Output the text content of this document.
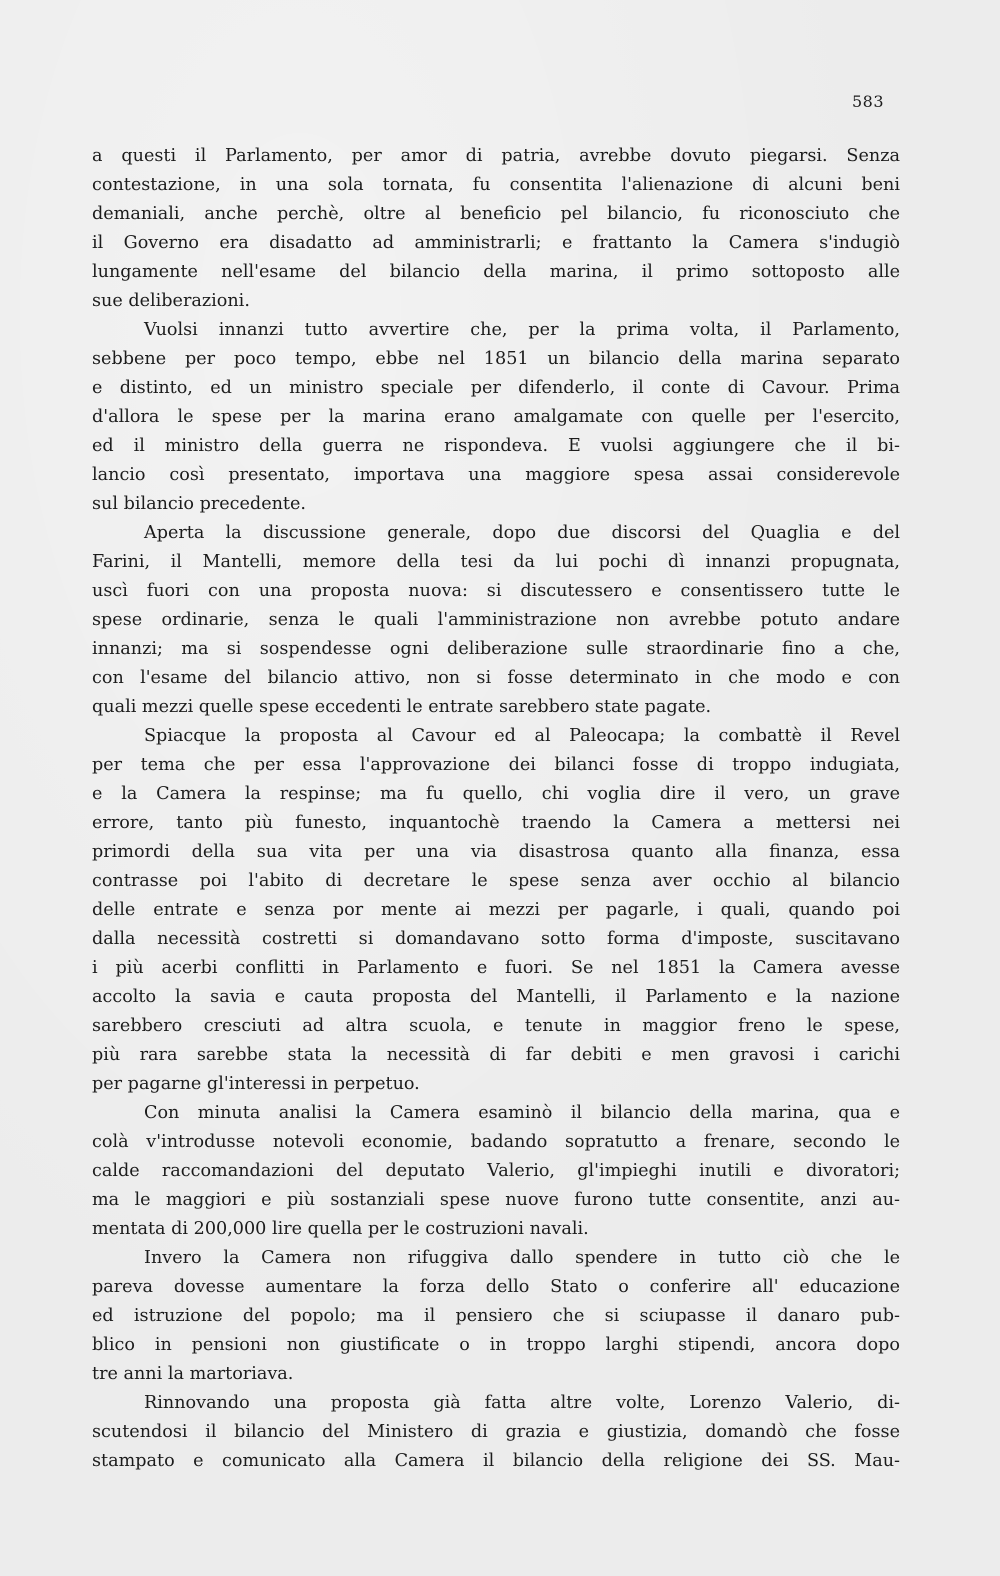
583
a questi il Parlamento, per amor di patria, avrebbe dovuto piegarsi. Senza
contestazione, in una sola tornata, fu consentita l'alienazione di alcuni beni
demaniali, anche perchè, oltre al beneficio pel bilancio, fu riconosciuto che
il Governo era disadatto ad amministrarli; e frattanto la Camera s'indugiò
lungamente nell'esame del bilancio della marina, il primo sottoposto alle
sue deliberazioni.
Vuolsi innanzi tutto avvertire che, per la prima volta, il Parlamento,
sebbene per poco tempo, ebbe nel 1851 un bilancio della marina separato
e distinto, ed un ministro speciale per difenderlo, il conte di Cavour. Prima
d'allora le spese per la marina erano amalgamate con quelle per l'esercito,
ed il ministro della guerra ne rispondeva. E vuolsi aggiungere che il bi-
lancio così presentato, importava una maggiore spesa assai considerevole
sul bilancio precedente.
Aperta la discussione generale, dopo due discorsi del Quaglia e del
Farini, il Mantelli, memore della tesi da lui pochi dì innanzi propugnata,
uscì fuori con una proposta nuova: si discutessero e consentissero tutte le
spese ordinarie, senza le quali l'amministrazione non avrebbe potuto andare
innanzi; ma si sospendesse ogni deliberazione sulle straordinarie fino a che,
con l'esame del bilancio attivo, non si fosse determinato in che modo e con
quali mezzi quelle spese eccedenti le entrate sarebbero state pagate.
Spiacque la proposta al Cavour ed al Paleocapa; la combattè il Revel
per tema che per essa l'approvazione dei bilanci fosse di troppo indugiata,
e la Camera la respinse; ma fu quello, chi voglia dire il vero, un grave
errore, tanto più funesto, inquantochè traendo la Camera a mettersi nei
primordi della sua vita per una via disastrosa quanto alla finanza, essa
contrasse poi l'abito di decretare le spese senza aver occhio al bilancio
delle entrate e senza por mente ai mezzi per pagarle, i quali, quando poi
dalla necessità costretti si domandavano sotto forma d'imposte, suscitavano
i più acerbi conflitti in Parlamento e fuori. Se nel 1851 la Camera avesse
accolto la savia e cauta proposta del Mantelli, il Parlamento e la nazione
sarebbero cresciuti ad altra scuola, e tenute in maggior freno le spese,
più rara sarebbe stata la necessità di far debiti e men gravosi i carichi
per pagarne gl'interessi in perpetuo.
Con minuta analisi la Camera esaminò il bilancio della marina, qua e
colà v'introdusse notevoli economie, badando sopratutto a frenare, secondo le
calde raccomandazioni del deputato Valerio, gl'impieghi inutili e divoratori;
ma le maggiori e più sostanziali spese nuove furono tutte consentite, anzi au-
mentata di 200,000 lire quella per le costruzioni navali.
Invero la Camera non rifuggiva dallo spendere in tutto ciò che le
pareva dovesse aumentare la forza dello Stato o conferire all' educazione
ed istruzione del popolo; ma il pensiero che si sciupasse il danaro pub-
blico in pensioni non giustificate o in troppo larghi stipendi, ancora dopo
tre anni la martoriava.
Rinnovando una proposta già fatta altre volte, Lorenzo Valerio, di-
scutendosi il bilancio del Ministero di grazia e giustizia, domandò che fosse
stampato e comunicato alla Camera il bilancio della religione dei SS. Mau-
